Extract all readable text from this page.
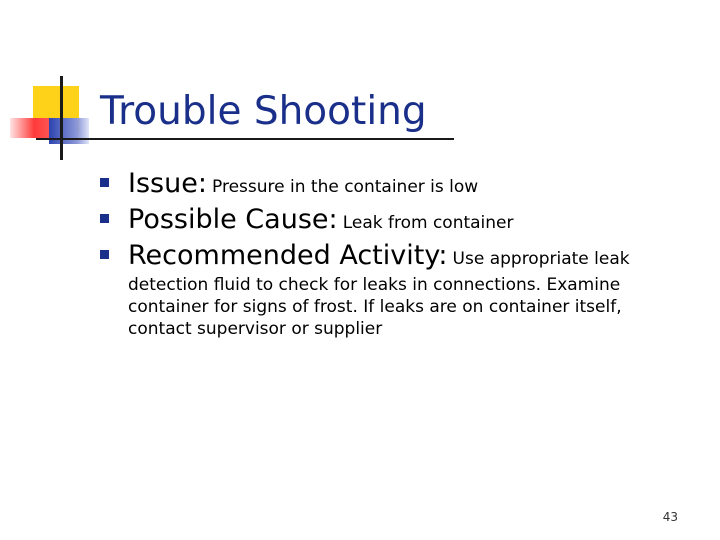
Trouble Shooting
Issue: Pressure in the container is low
Possible Cause: Leak from container
Recommended Activity: Use appropriate leak detection fluid to check for leaks in connections. Examine container for signs of frost. If leaks are on container itself, contact supervisor or supplier
43
